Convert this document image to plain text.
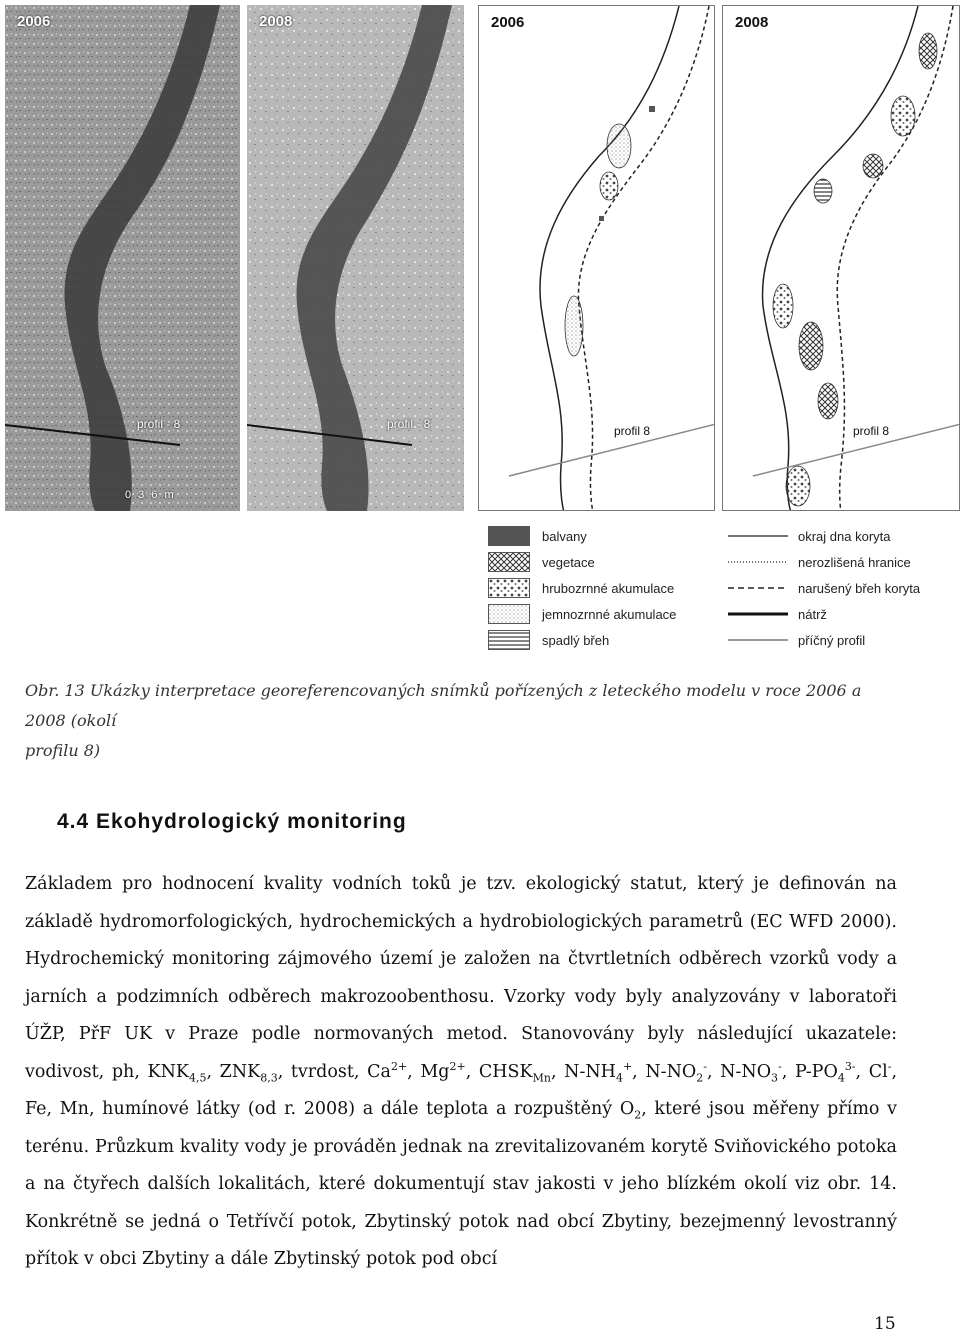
2006
profil - 8
0 3 6 m
2008
profil - 8
2006
profil 8
2008
profil 8
balvany
vegetace
hrubozrnné akumulace
jemnozrnné akumulace
spadlý břeh
okraj dna koryta
nerozlišená hranice
narušený břeh koryta
nátrž
příčný profil
Obr. 13 Ukázky interpretace georeferencovaných snímků pořízených z leteckého modelu v roce 2006 a 2008 (okolí
profilu 8)
4.4 Ekohydrologický monitoring

Základem pro hodnocení kvality vodních toků je tzv. ekologický statut, který je definován na základě hydromorfologických, hydrochemických a hydrobiologických parametrů (EC WFD 2000). Hydrochemický monitoring zájmového území je založen na čtvrtletních odběrech vzorků vody a jarních a podzimních odběrech makrozoobenthosu. Vzorky vody byly analyzovány v laboratoři ÚŽP, PřF UK v Praze podle normovaných metod. Stanovovány byly následující ukazatele: vodivost, ph, $KNK_{4,5}$, $ZNK_{8,3}$, tvrdost, $Ca^{2+}$, $Mg^{2+}$, $CHSK_{Mn}$, $N-NH_4^+$, $N-NO_2^-$, $N-NO_3^-$, $P-PO_4^{3-}$, Cl-, Fe, Mn, humínové látky (od r. 2008) a dále teplota a rozpuštěný $O_2$, které jsou měřeny přímo v terénu. Průzkum kvality vody je prováděn jednak na zrevitalizovaném korytě Sviňovického potoka a na čtyřech dalších lokalitách, které dokumentují stav jakosti v jeho blízkém okolí viz obr. 14. Konkrétně se jedná o Tetřívčí potok, Zbytinský potok nad obcí Zbytiny, bezejmenný levostranný přítok v obci Zbytiny a dále Zbytinský potok pod obcí

15
